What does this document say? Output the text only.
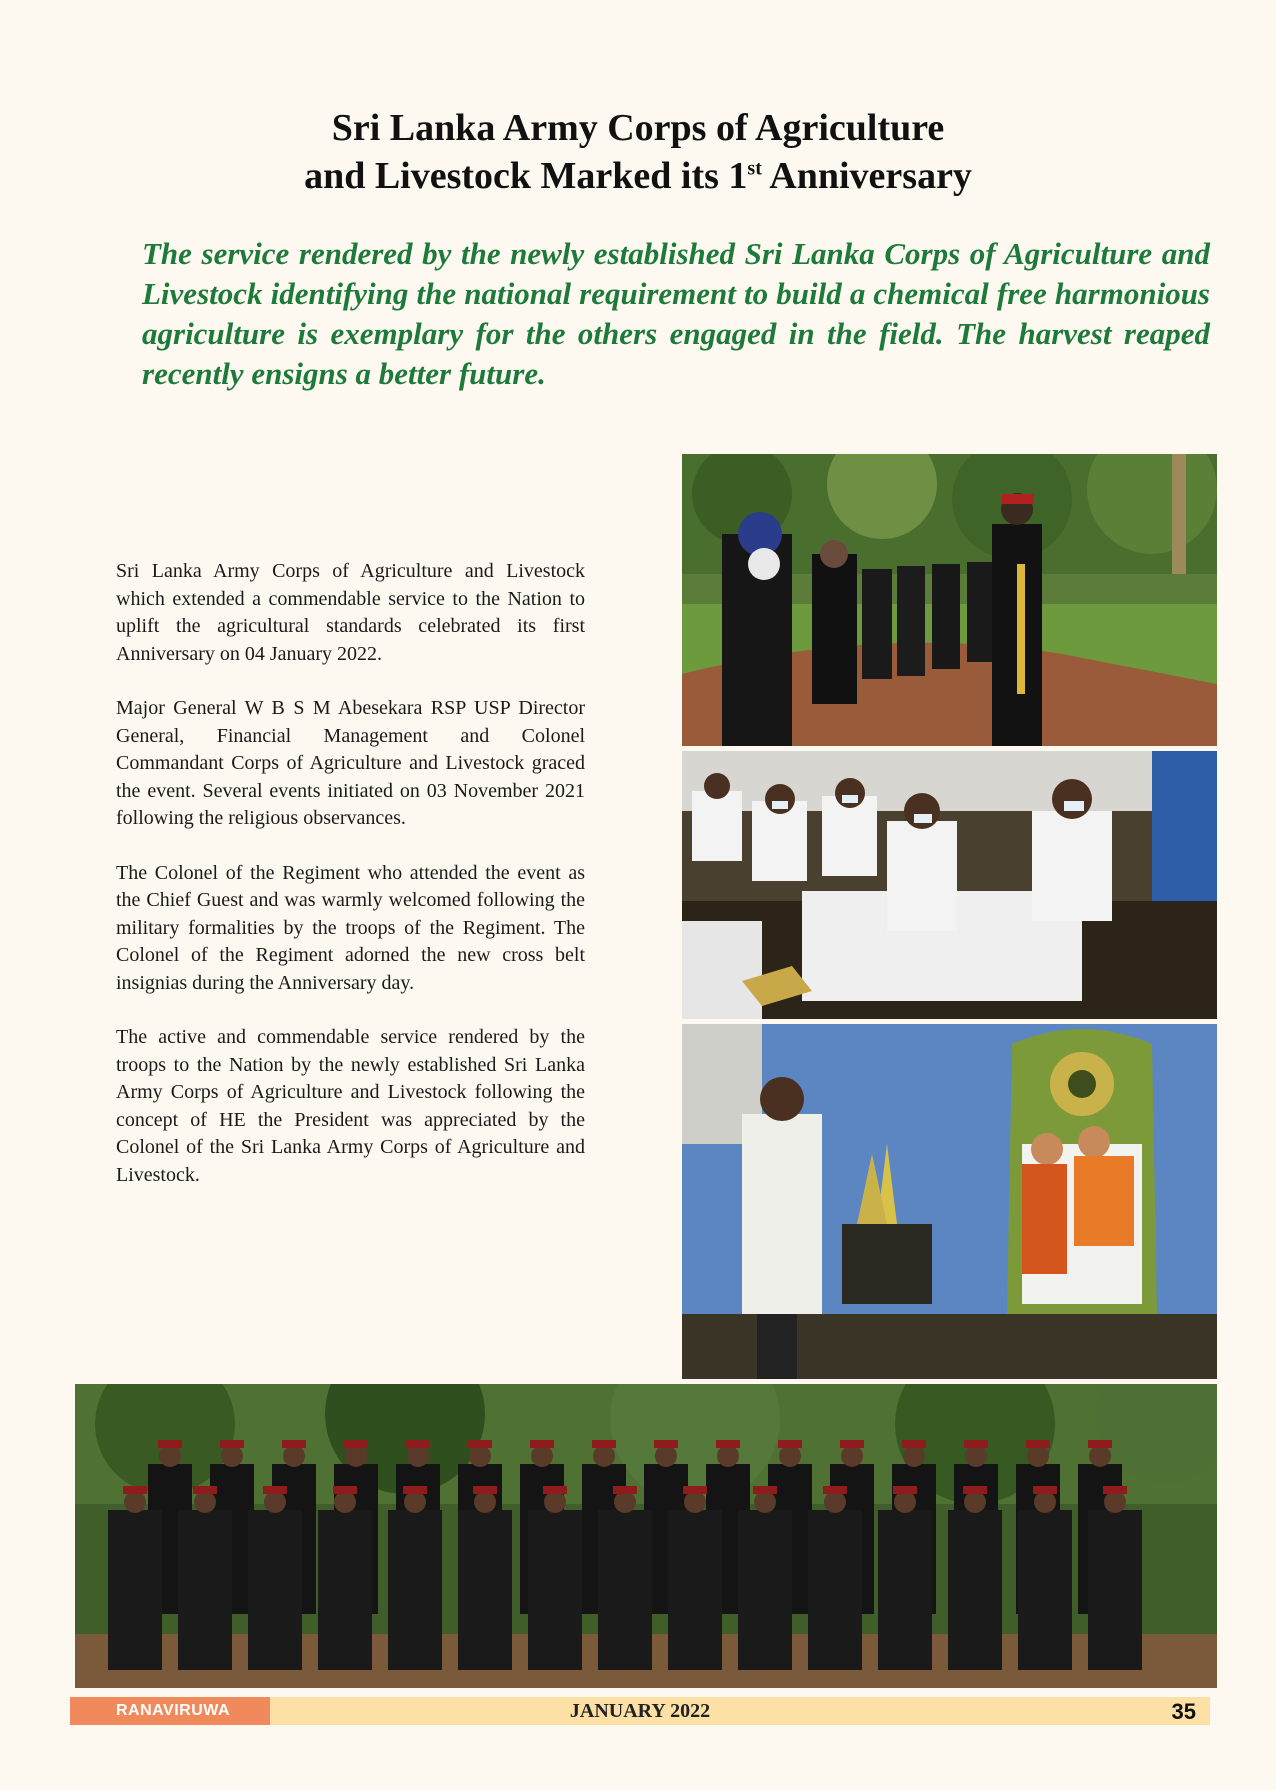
Sri Lanka Army Corps of Agriculture
and Livestock Marked its 1st Anniversary
The service rendered by the newly established Sri Lanka Corps of Agriculture and Livestock identifying the national requirement to build a chemical free harmonious agriculture is exemplary for the others engaged in the field. The harvest reaped recently ensigns a better future.

Sri Lanka Army Corps of Agriculture and Livestock which extended a commendable service to the Nation to uplift the agricultural standards celebrated its first Anniversary on 04 January 2022.

Major General W B S M Abesekara RSP USP Director General, Financial Management and Colonel Commandant Corps of Agriculture and Livestock graced the event. Several events initiated on 03 November 2021 following the religious observances.

The Colonel of the Regiment who attended the event as the Chief Guest and was warmly welcomed following the military formalities by the troops of the Regiment. The Colonel of the Regiment adorned the new cross belt insignias during the Anniversary day.

The active and commendable service rendered by the troops to the Nation by the newly established Sri Lanka Army Corps of Agriculture and Livestock following the concept of HE the President was appreciated by the Colonel of the Sri Lanka Army Corps of Agriculture and Livestock.

JANUARY 2022
RANAVIRUWA	35
